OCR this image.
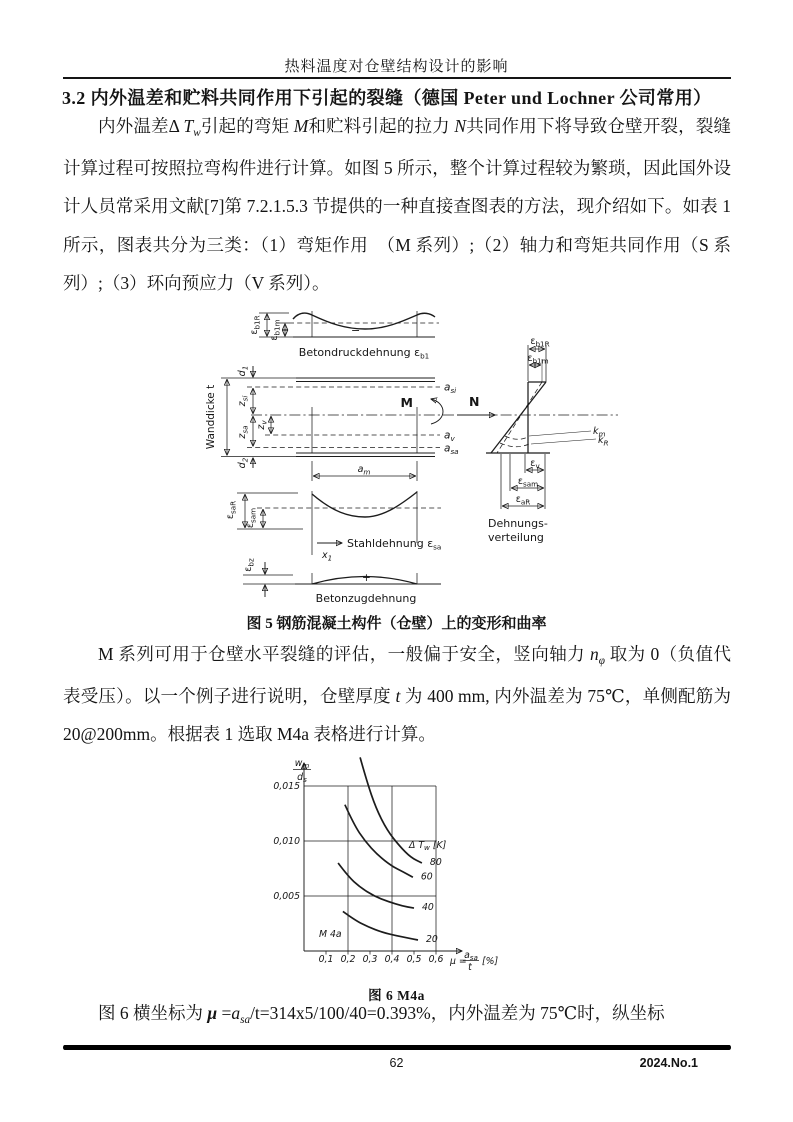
热料温度对仓壁结构设计的影响
3.2 内外温差和贮料共同作用下引起的裂缝（德国 Peter und Lochner 公司常用）
内外温差Δ $T_w$引起的弯矩 M和贮料引起的拉力 N共同作用下将导致仓壁开裂，裂缝计算过程可按照拉弯构件进行计算。如图 5 所示，整个计算过程较为繁琐，因此国外设计人员常采用文献[7]第 7.2.1.5.3 节提供的一种直接查图表的方法，现介绍如下。如表 1 所示，图表共分为三类：（1）弯矩作用　（M 系列）;（2）轴力和弯矩共同作用（S 系列）;（3）环向预应力（V 系列）。
$\varepsilon_{b1R}$
$\varepsilon_{b1m}$	−
Betondruckdehnung $\varepsilon_{b1}$
Wanddicke t
$d_1$
$z_{si}$
$z_v$
$z_{sa}$
$d_2$
$a_{si}$
$a_v$
$a_{sa}$
M	N
$a_m$
$\varepsilon_{saR}$
$\varepsilon_{sam}$
Stahldehnung $\varepsilon_{sa}$
$x_1$
$\varepsilon_{bz}$
+
Betonzugdehnung
$\varepsilon_{b1R}$
$\varepsilon_{b1m}$
$k_m$
$k_R$
$\varepsilon_v$
$\varepsilon_{sam}$
$\varepsilon_{aR}$
Dehnungs-
verteilung
图 5 钢筋混凝土构件（仓壁）上的变形和曲率
M 系列可用于仓壁水平裂缝的评估，一般偏于安全，竖向轴力 $n_\varphi$ 取为 0（负值代表受压）。以一个例子进行说明，仓壁厚度 t 为 400 mm, 内外温差为 75℃，单侧配筋为　 20@200mm。根据表 1 选取 M4a 表格进行计算。
80
60
40
20
0,005
0,010
0,015
0,1 0,2 0,3 0,4 0,5 0,6
$w_m$
$d_s$
μ =
$a_{sa}$
t
[%]
Δ $T_w$ [K]
M 4a
图 6 M4a
图 6 横坐标为 $\mu =a_{sa}/t=314x5/100/40=0.393\%$，内外温差为 75℃时，纵坐标
62	2024.No.1
